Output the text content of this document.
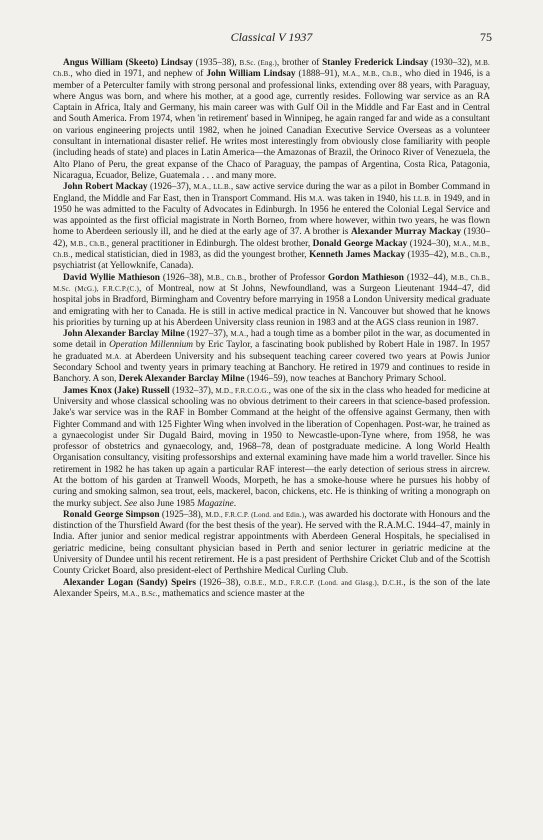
Classical V 1937	75

Angus William (Skeeto) Lindsay (1935–38), B.Sc. (Eng.), brother of Stanley Frederick Lindsay (1930–32), M.B. Ch.B., who died in 1971, and nephew of John William Lindsay (1888–91), M.A., M.B., Ch.B., who died in 1946, is a member of a Peterculter family with strong personal and professional links, extending over 88 years, with Paraguay, where Angus was born, and where his mother, at a good age, currently resides. Following war service as an RA Captain in Africa, Italy and Germany, his main career was with Gulf Oil in the Middle and Far East and in Central and South America. From 1974, when 'in retirement' based in Winnipeg, he again ranged far and wide as a consultant on various engineering projects until 1982, when he joined Canadian Executive Service Overseas as a volunteer consultant in international disaster relief. He writes most interestingly from obviously close familiarity with people (including heads of state) and places in Latin America—the Amazonas of Brazil, the Orinoco River of Venezuela, the Alto Plano of Peru, the great expanse of the Chaco of Paraguay, the pampas of Argentina, Costa Rica, Patagonia, Nicaragua, Ecuador, Belize, Guatemala . . . and many more.

John Robert Mackay (1926–37), M.A., LL.B., saw active service during the war as a pilot in Bomber Command in England, the Middle and Far East, then in Transport Command. His M.A. was taken in 1940, his LL.B. in 1949, and in 1950 he was admitted to the Faculty of Advocates in Edinburgh. In 1956 he entered the Colonial Legal Service and was appointed as the first official magistrate in North Borneo, from where however, within two years, he was flown home to Aberdeen seriously ill, and he died at the early age of 37. A brother is Alexander Murray Mackay (1930–42), M.B., Ch.B., general practitioner in Edinburgh. The oldest brother, Donald George Mackay (1924–30), M.A., M.B., Ch.B., medical statistician, died in 1983, as did the youngest brother, Kenneth James Mackay (1935–42), M.B., Ch.B., psychiatrist (at Yellowknife, Canada).

David Wyllie Mathieson (1926–38), M.B., Ch.B., brother of Professor Gordon Mathieson (1932–44), M.B., Ch.B., M.Sc. (McG.), F.R.C.P.(C.), of Montreal, now at St Johns, Newfoundland, was a Surgeon Lieutenant 1944–47, did hospital jobs in Bradford, Birmingham and Coventry before marrying in 1958 a London University medical graduate and emigrating with her to Canada. He is still in active medical practice in N. Vancouver but showed that he knows his priorities by turning up at his Aberdeen University class reunion in 1983 and at the AGS class reunion in 1987.

John Alexander Barclay Milne (1927–37), M.A., had a tough time as a bomber pilot in the war, as documented in some detail in Operation Millennium by Eric Taylor, a fascinating book published by Robert Hale in 1987. In 1957 he graduated M.A. at Aberdeen University and his subsequent teaching career covered two years at Powis Junior Secondary School and twenty years in primary teaching at Banchory. He retired in 1979 and continues to reside in Banchory. A son, Derek Alexander Barclay Milne (1946–59), now teaches at Banchory Primary School.

James Knox (Jake) Russell (1932–37), M.D., F.R.C.O.G., was one of the six in the class who headed for medicine at University and whose classical schooling was no obvious detriment to their careers in that science-based profession. Jake's war service was in the RAF in Bomber Command at the height of the offensive against Germany, then with Fighter Command and with 125 Fighter Wing when involved in the liberation of Copenhagen. Post-war, he trained as a gynaecologist under Sir Dugald Baird, moving in 1950 to Newcastle-upon-Tyne where, from 1958, he was professor of obstetrics and gynaecology, and, 1968–78, dean of postgraduate medicine. A long World Health Organisation consultancy, visiting professorships and external examining have made him a world traveller. Since his retirement in 1982 he has taken up again a particular RAF interest—the early detection of serious stress in aircrew. At the bottom of his garden at Tranwell Woods, Morpeth, he has a smoke-house where he pursues his hobby of curing and smoking salmon, sea trout, eels, mackerel, bacon, chickens, etc. He is thinking of writing a monograph on the murky subject. See also June 1985 Magazine.

Ronald George Simpson (1925–38), M.D., F.R.C.P. (Lond. and Edin.), was awarded his doctorate with Honours and the distinction of the Thursfield Award (for the best thesis of the year). He served with the R.A.M.C. 1944–47, mainly in India. After junior and senior medical registrar appointments with Aberdeen General Hospitals, he specialised in geriatric medicine, being consultant physician based in Perth and senior lecturer in geriatric medicine at the University of Dundee until his recent retirement. He is a past president of Perthshire Cricket Club and of the Scottish County Cricket Board, also president-elect of Perthshire Medical Curling Club.

Alexander Logan (Sandy) Speirs (1926–38), O.B.E., M.D., F.R.C.P. (Lond. and Glasg.), D.C.H., is the son of the late Alexander Speirs, M.A., B.Sc., mathematics and science master at the
